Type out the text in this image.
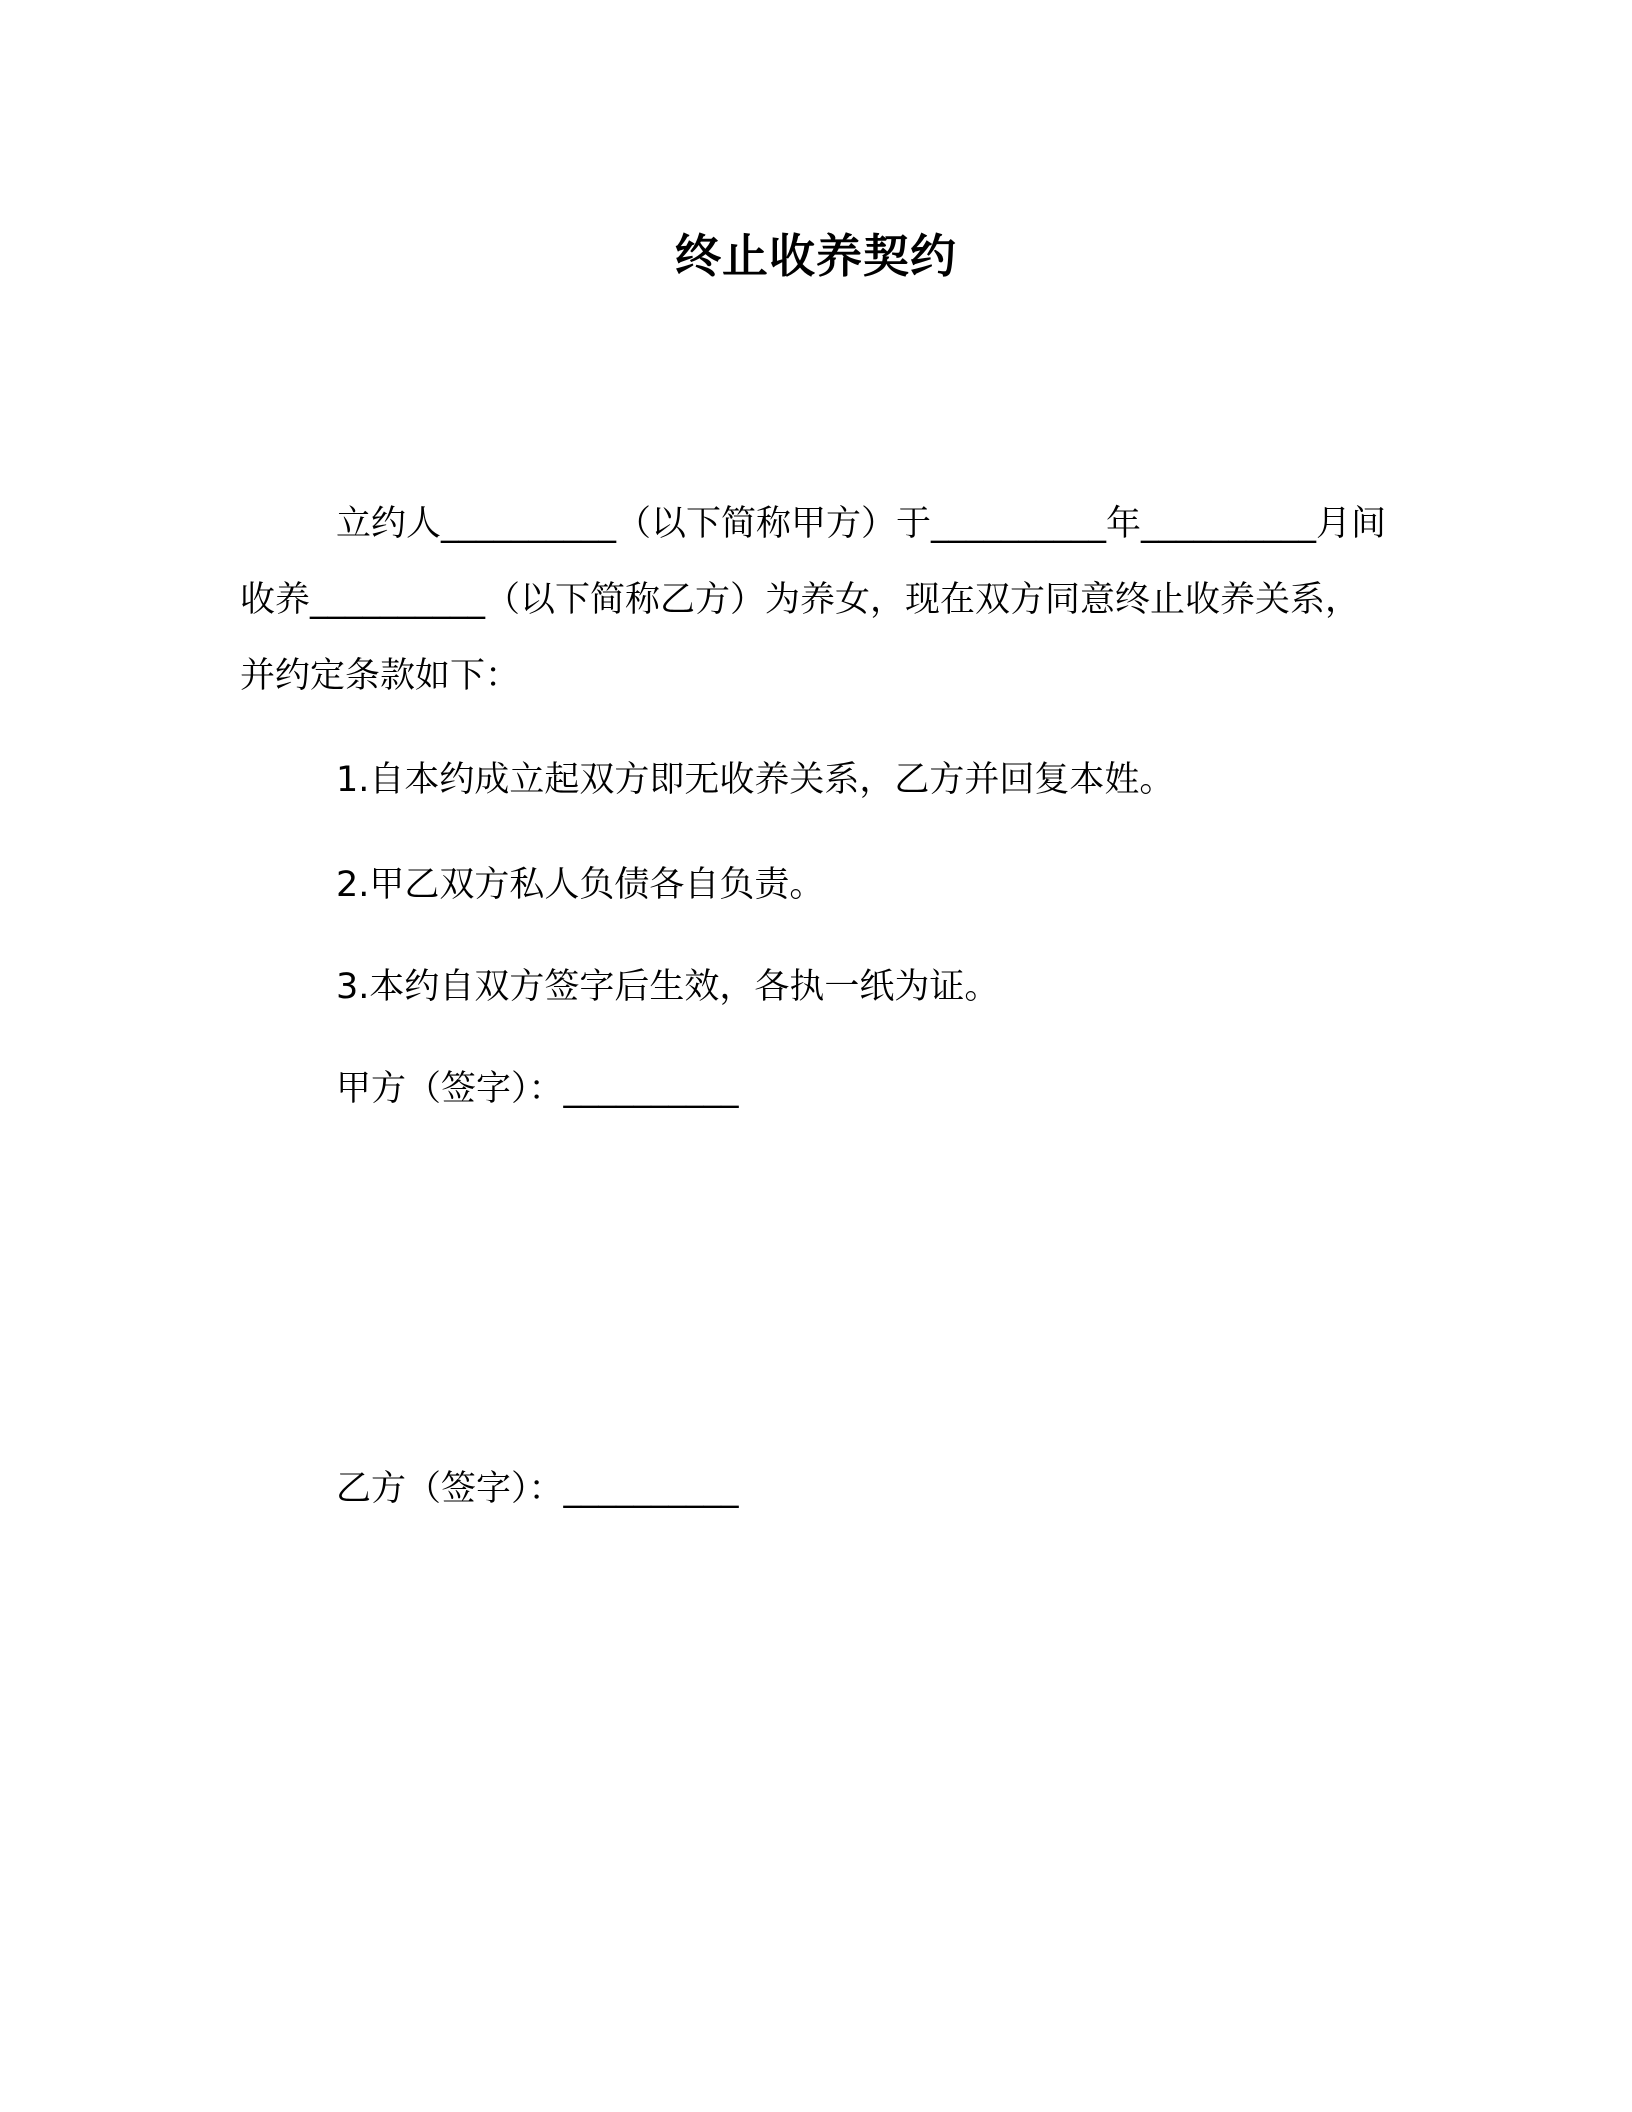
终止收养契约
立约人__________（以下简称甲方）于__________年__________月间收养__________（以下简称乙方）为养女，现在双方同意终止收养关系，并约定条款如下：
1.自本约成立起双方即无收养关系，乙方并回复本姓。
2.甲乙双方私人负债各自负责。
3.本约自双方签字后生效，各执一纸为证。
甲方（签字）：__________
乙方（签字）：__________
